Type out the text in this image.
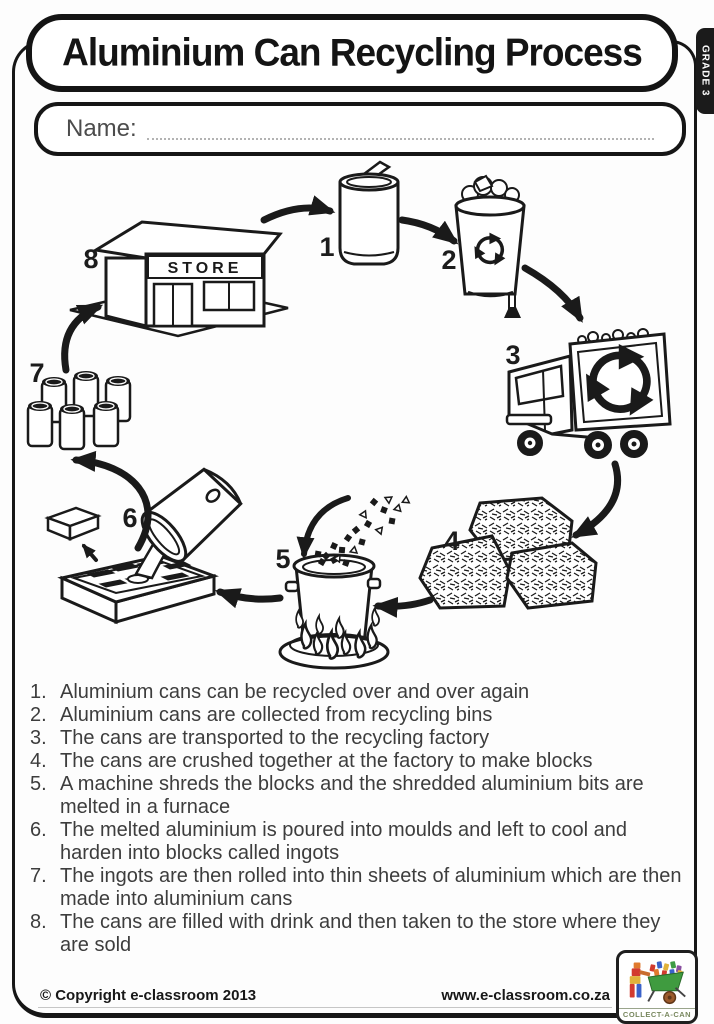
Aluminium Can Recycling Process	GRADE 3
Name:
STORE
1	2
3
4
5
6
7
8
1. Aluminium cans can be recycled over and over again
2. Aluminium cans are collected from recycling bins
3. The cans are transported to the recycling factory
4. The cans are crushed together at the factory to make blocks
5. A machine shreds the blocks and the shredded aluminium bits are melted in a furnace
6. The melted aluminium is poured into moulds and left to cool and harden into blocks called ingots
7. The ingots are then rolled into thin sheets of aluminium which are then made into aluminium cans
8. The cans are filled with drink and then taken to the store where they are sold
© Copyright e-classroom 2013	www.e-classroom.co.za
COLLECT-A-CAN
